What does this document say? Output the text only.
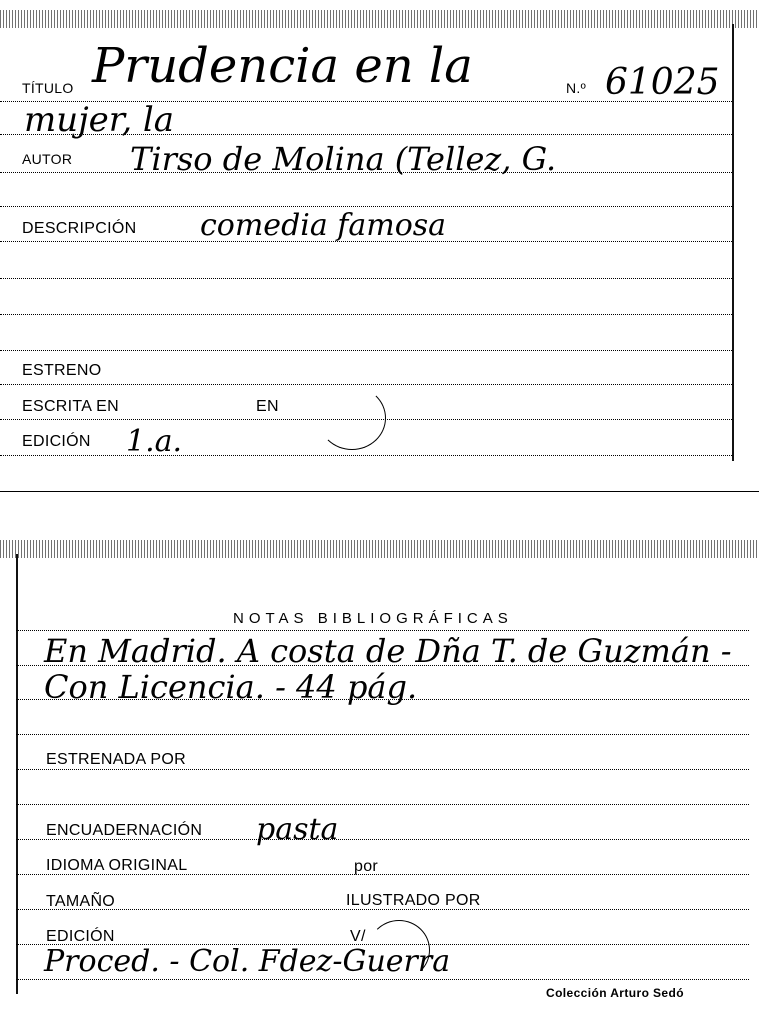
TÍTULO Prudencia en la
mujer, la
N.º 61025
AUTOR Tirso de Molina (Tellez, G.
DESCRIPCIÓN comedia famosa
ESTRENO
ESCRITA EN	EN
EDICIÓN 1.a.
NOTAS BIBLIOGRÁFICAS
En Madrid. A costa de Dña T. de Guzmán -
Con Licencia. - 44 pág.
ESTRENADA POR
ENCUADERNACIÓN pasta
IDIOMA ORIGINAL	por
TAMAÑO	ILUSTRADO POR
EDICIÓN	V/
Proced. - Col. Fdez-Guerra
Colección Arturo Sedó
